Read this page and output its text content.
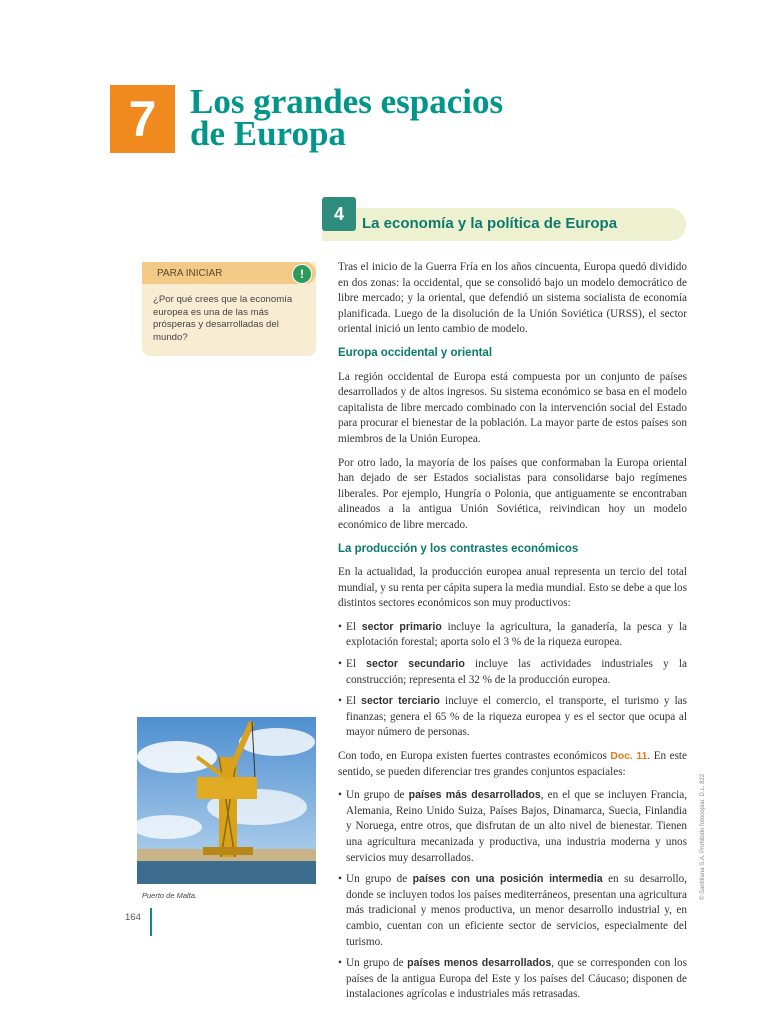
7 Los grandes espacios
de Europa
4	La economía y la política de Europa
PARA INICIAR	!
¿Por qué crees que la economía europea es una de las más prósperas y desarrolladas del mundo?

Tras el inicio de la Guerra Fría en los años cincuenta, Europa quedó dividido en dos zonas: la occidental, que se consolidó bajo un modelo democrático de libre mercado; y la oriental, que defendió un sistema socialista de economía planificada. Luego de la disolución de la Unión Soviética (URSS), el sector oriental inició un lento cambio de modelo.

Europa occidental y oriental

La región occidental de Europa está compuesta por un conjunto de países desarrollados y de altos ingresos. Su sistema económico se basa en el modelo capitalista de libre mercado combinado con la intervención social del Estado para procurar el bienestar de la población. La mayor parte de estos países son miembros de la Unión Europea.

Por otro lado, la mayoría de los países que conformaban la Europa oriental han dejado de ser Estados socialistas para consolidarse bajo regímenes liberales. Por ejemplo, Hungría o Polonia, que antiguamente se encontraban alineados a la antigua Unión Soviética, reivindican hoy un modelo económico de libre mercado.

La producción y los contrastes económicos

En la actualidad, la producción europea anual representa un tercio del total mundial, y su renta per cápita supera la media mundial. Esto se debe a que los distintos sectores económicos son muy productivos:

• El sector primario incluye la agricultura, la ganadería, la pesca y la explotación forestal; aporta solo el 3 % de la riqueza europea.
• El sector secundario incluye las actividades industriales y la construcción; representa el 32 % de la producción europea.
• El sector terciario incluye el comercio, el transporte, el turismo y las finanzas; genera el 65 % de la riqueza europea y es el sector que ocupa al mayor número de personas.

Con todo, en Europa existen fuertes contrastes económicos Doc. 11. En este sentido, se pueden diferenciar tres grandes conjuntos espaciales:

• Un grupo de países más desarrollados, en el que se incluyen Francia, Alemania, Reino Unido Suiza, Países Bajos, Dinamarca, Suecia, Finlandia y Noruega, entre otros, que disfrutan de un alto nivel de bienestar. Tienen una agricultura mecanizada y productiva, una industria moderna y unos servicios muy desarrollados.
• Un grupo de países con una posición intermedia en su desarrollo, donde se incluyen todos los países mediterráneos, presentan una agricultura más tradicional y menos productiva, un menor desarrollo industrial y, en cambio, cuentan con un eficiente sector de servicios, especialmente del turismo.
• Un grupo de países menos desarrollados, que se corresponden con los países de la antigua Europa del Este y los países del Cáucaso; disponen de instalaciones agrícolas e industriales más retrasadas.
Puerto de Malta.
164
© Santillana S.A. Prohibido fotocopiar. D.L. 822
